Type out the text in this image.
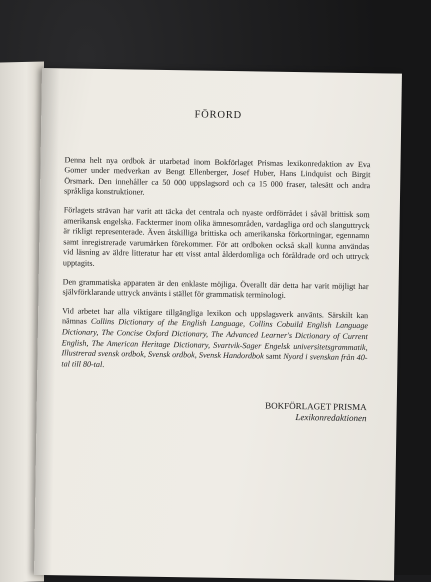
FÖRORD

Denna helt nya ordbok är utarbetad inom Bokförlaget Prismas lexikonredaktion av Eva Gomer under medverkan av Bengt Ellenberger, Josef Huber, Hans Lindquist och Birgit Örsmark. Den innehåller ca 50 000 uppslagsord och ca 15 000 fraser, talesätt och andra språkliga konstruktioner.

Förlagets strävan har varit att täcka det centrala och nyaste ordförrådet i såväl brittisk som amerikansk engelska. Facktermer inom olika ämnesområden, vardagliga ord och slanguttryck är rikligt representerade. Även åtskilliga brittiska och amerikanska förkortningar, egennamn samt inregistrerade varumärken förekommer. För att ordboken också skall kunna användas vid läsning av äldre litteratur har ett visst antal ålderdomliga och föråldrade ord och uttryck upptagits.

Den grammatiska apparaten är den enklaste möjliga. Överallt där detta har varit möjligt har självförklarande uttryck använts i stället för grammatisk terminologi.

Vid arbetet har alla viktigare tillgängliga lexikon och uppslagsverk använts. Särskilt kan nämnas Collins Dictionary of the English Language, Collins Cobuild English Language Dictionary, The Concise Oxford Dictionary, The Advanced Learner's Dictionary of Current English, The American Heritage Dictionary, Svartvik-Sager Engelsk universitetsgrammatik, Illustrerad svensk ordbok, Svensk ordbok, Svensk Handordbok samt Nyord i svenskan från 40-tal till 80-tal.

BOKFÖRLAGET PRISMA
Lexikonredaktionen
